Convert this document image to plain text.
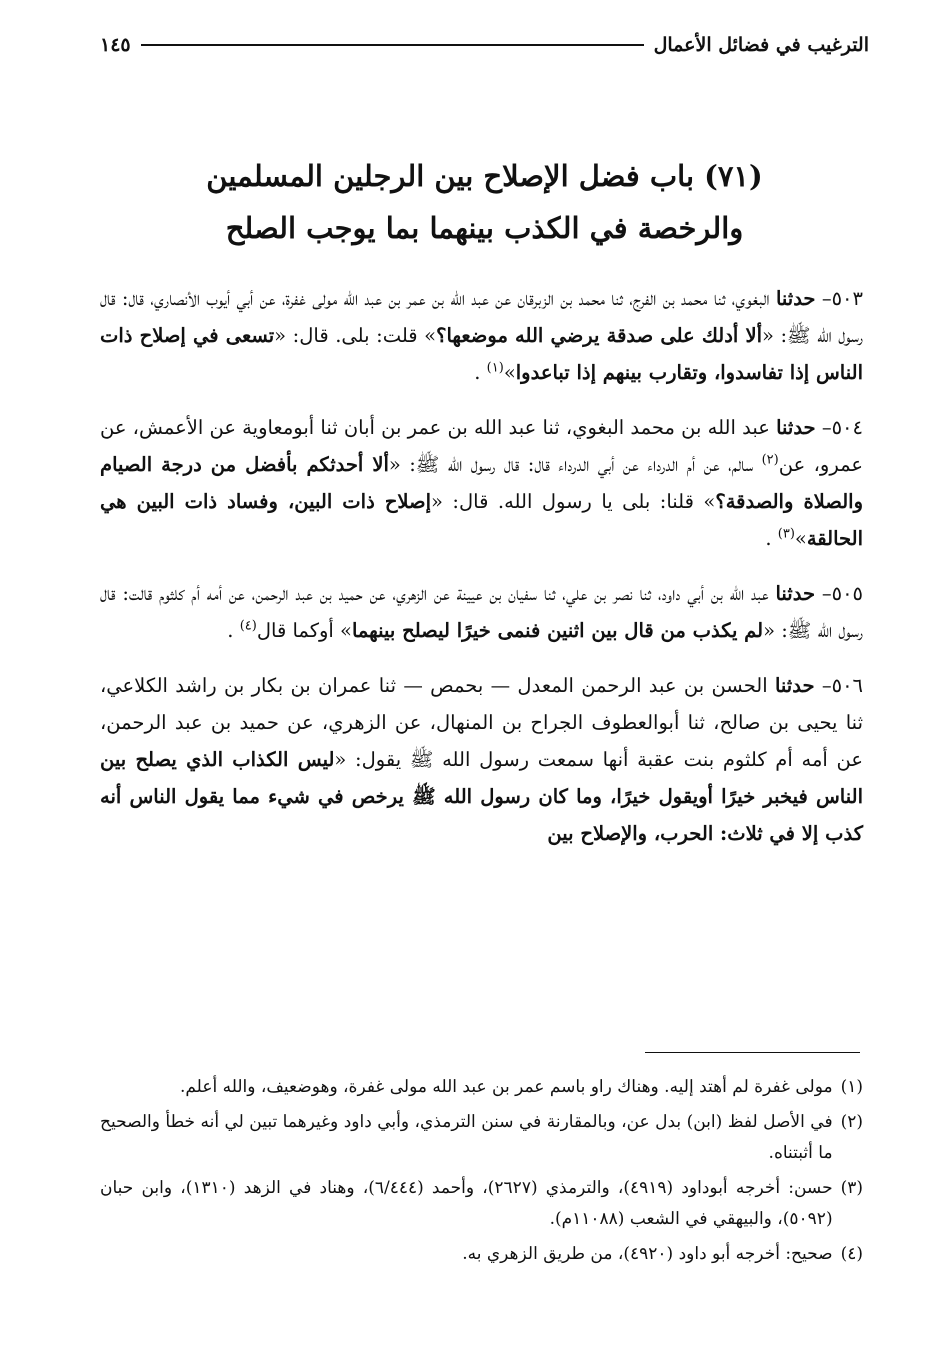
الترغيب في فضائل الأعمال
١٤٥
(٧١) باب فضل الإصلاح بين الرجلين المسلمين
والرخصة في الكذب بينهما بما يوجب الصلح

٥٠٣– حدثنا البغوي، ثنا محمد بن الفرج، ثنا محمد بن الزبرقان عن عبد الله بن عمر بن عبد الله مولى غفرة، عن أبي أيوب الأنصاري، قال: قال رسول الله ﷺ: «ألا أدلك على صدقة يرضي الله موضعها؟» قلت: بلى. قال: «تسعى في إصلاح ذات الناس إذا تفاسدوا، وتقارب بينهم إذا تباعدوا»$^{(١)}$ .

٥٠٤– حدثنا عبد الله بن محمد البغوي، ثنا عبد الله بن عمر بن أبان ثنا أبومعاوية عن الأعمش، عن عمرو، عن$^{(٢)}$ سالم، عن أم الدرداء عن أبي الدرداء قال: قال رسول الله ﷺ: «ألا أحدثكم بأفضل من درجة الصيام والصلاة والصدقة؟» قلنا: بلى يا رسول الله. قال: «إصلاح ذات البين، وفساد ذات البين هي الحالقة»$^{(٣)}$ .

٥٠٥– حدثنا عبد الله بن أبي داود، ثنا نصر بن علي، ثنا سفيان بن عيينة عن الزهري، عن حميد بن عبد الرحمن، عن أمه أم كلثوم قالت: قال رسول الله ﷺ: «لم يكذب من قال بين اثنين فنمى خيرًا ليصلح بينهما» أوكما قال$^{(٤)}$ .

٥٠٦– حدثنا الحسن بن عبد الرحمن المعدل — بحمص — ثنا عمران بن بكار بن راشد الكلاعي، ثنا يحيى بن صالح، ثنا أبوالعطوف الجراح بن المنهال، عن الزهري، عن حميد بن عبد الرحمن، عن أمه أم كلثوم بنت عقبة أنها سمعت رسول الله ﷺ يقول: «ليس الكذاب الذي يصلح بين الناس فيخبر خيرًا أويقول خيرًا، وما كان رسول الله ﷺ يرخص في شيء مما يقول الناس أنه كذب إلا في ثلاث: الحرب، والإصلاح بين

(١)
مولى غفرة لم أهتد إليه. وهناك راو باسم عمر بن عبد الله مولى غفرة، وهوضعيف، والله أعلم.
(٢)
في الأصل لفظ (ابن) بدل عن، وبالمقارنة في سنن الترمذي، وأبي داود وغيرهما تبين لي أنه خطأ والصحيح ما أثبتناه.
(٣)
حسن: أخرجه أبوداود (٤٩١٩)، والترمذي (٢٦٢٧)، وأحمد (٦/٤٤٤)، وهناد في الزهد (١٣١٠)، وابن حبان (٥٠٩٢)، والبيهقي في الشعب (١١٠٨٨م).
(٤)
صحيح: أخرجه أبو داود (٤٩٢٠)، من طريق الزهري به.
